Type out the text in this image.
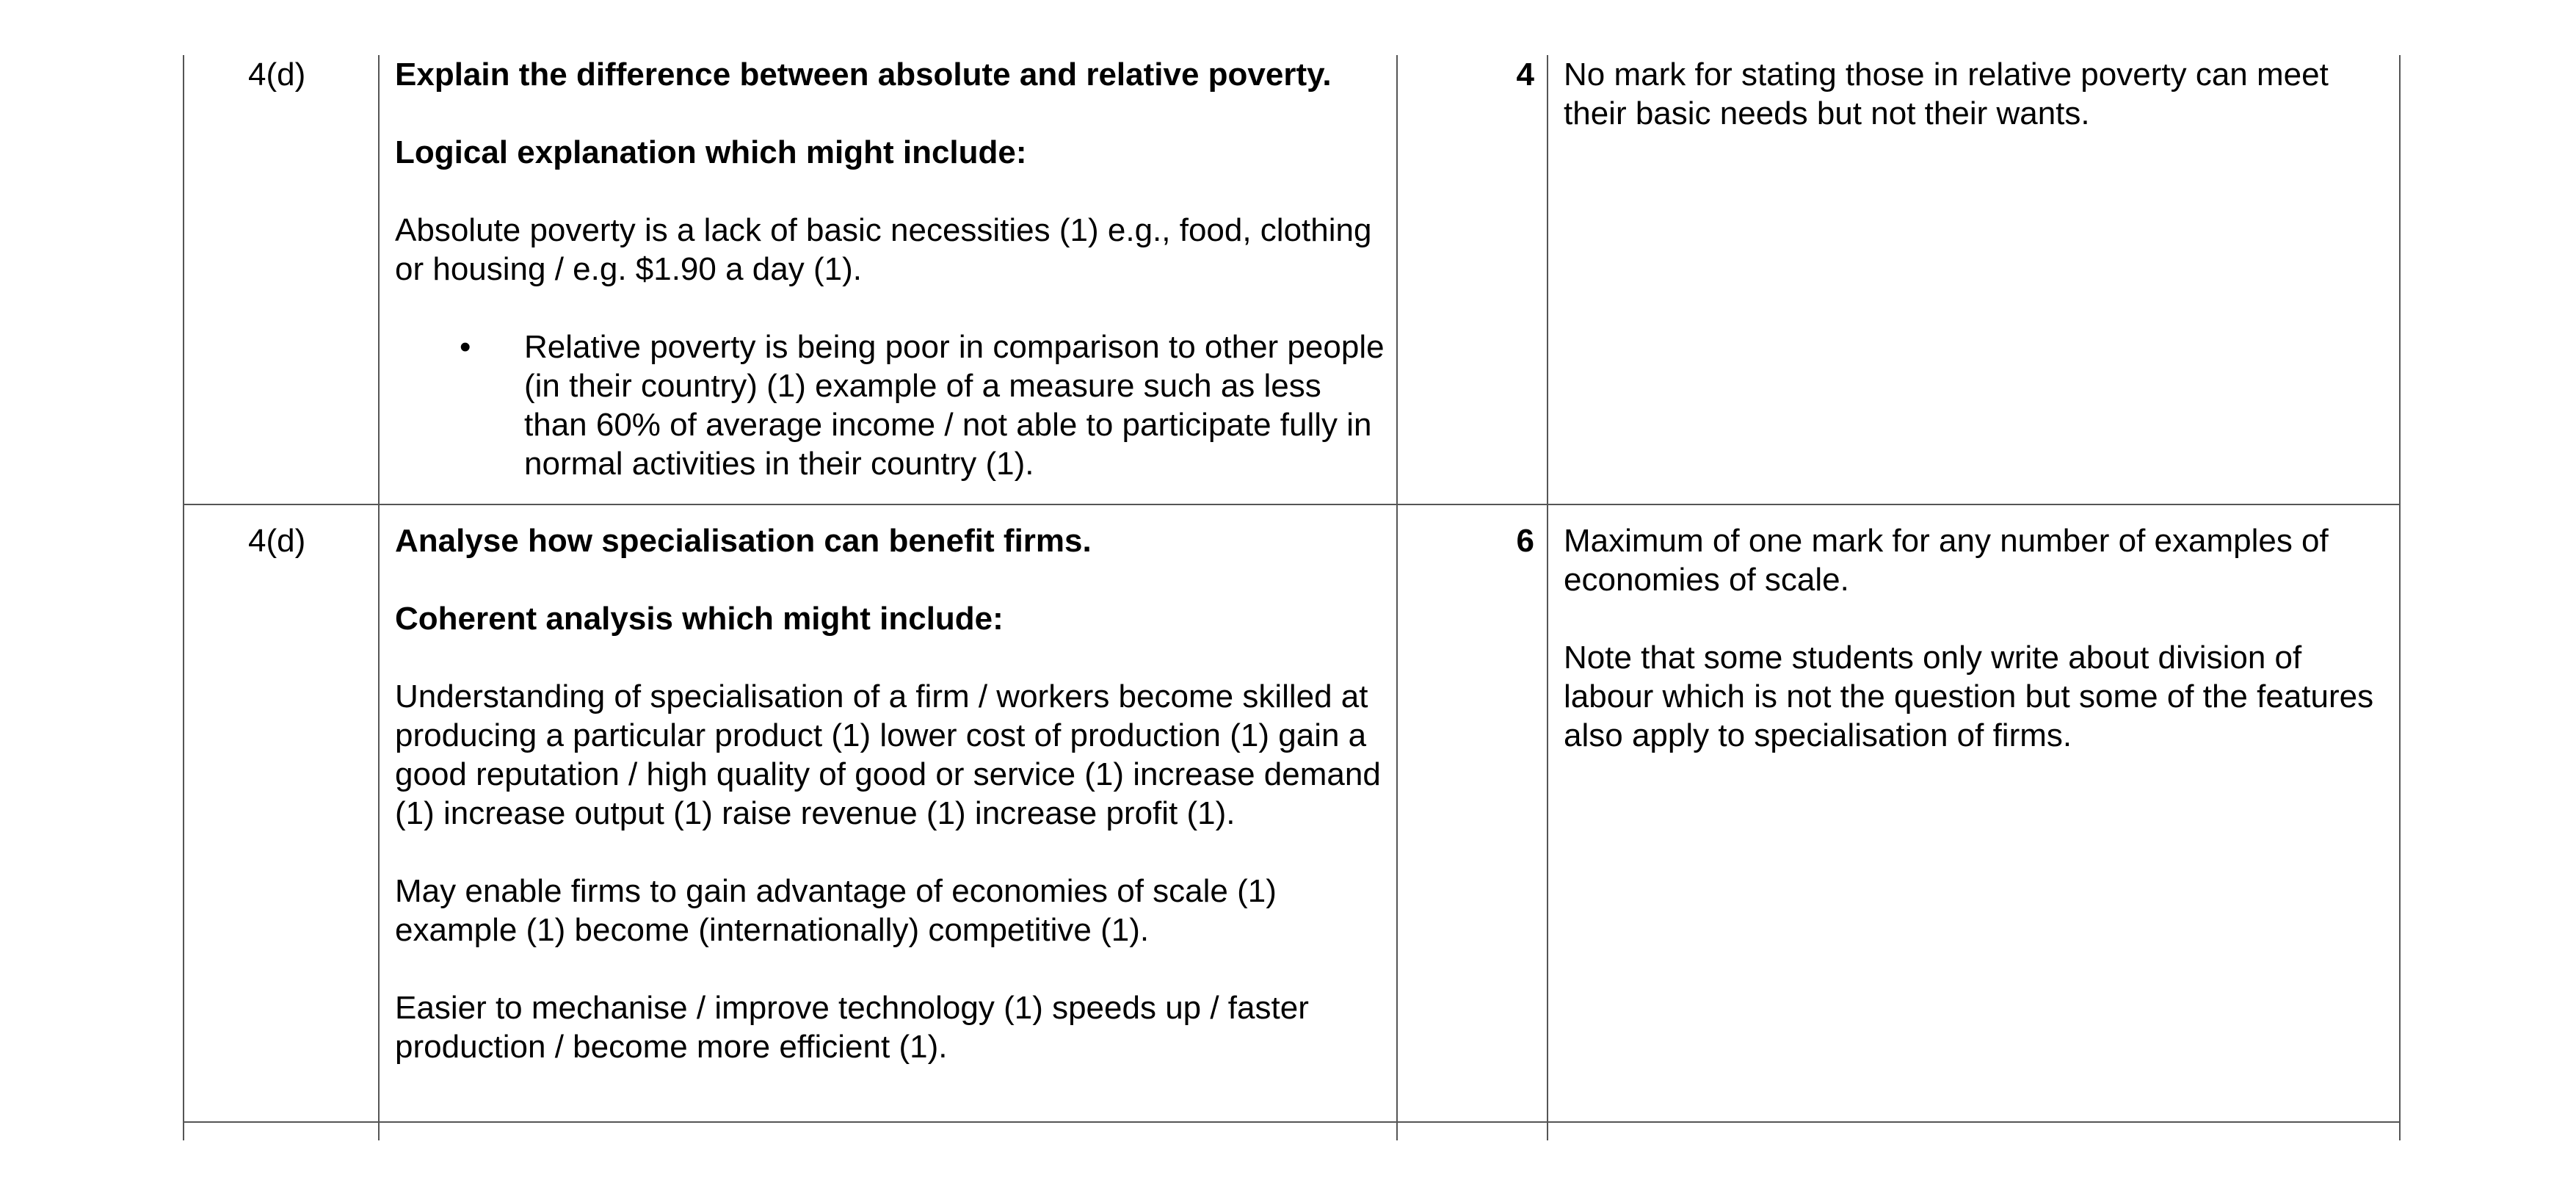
4(d)	Explain the difference between absolute and relative poverty.

Logical explanation which might include:

Absolute poverty is a lack of basic necessities (1) e.g., food, clothing or housing / e.g. $1.90 a day (1).

• Relative poverty is being poor in comparison to other people (in their country) (1) example of a measure such as less than 60% of average income / not able to participate fully in normal activities in their country (1).

4 No mark for stating those in relative poverty can meet their basic needs but not their wants.

4(d)	Analyse how specialisation can benefit firms.

Coherent analysis which might include:

Understanding of specialisation of a firm / workers become skilled at producing a particular product (1) lower cost of production (1) gain a good reputation / high quality of good or service (1) increase demand (1) increase output (1) raise revenue (1) increase profit (1).

May enable firms to gain advantage of economies of scale (1) example (1) become (internationally) competitive (1).

Easier to mechanise / improve technology (1) speeds up / faster production / become more efficient (1).

6 Maximum of one mark for any number of examples of economies of scale.

Note that some students only write about division of labour which is not the question but some of the features also apply to specialisation of firms.
